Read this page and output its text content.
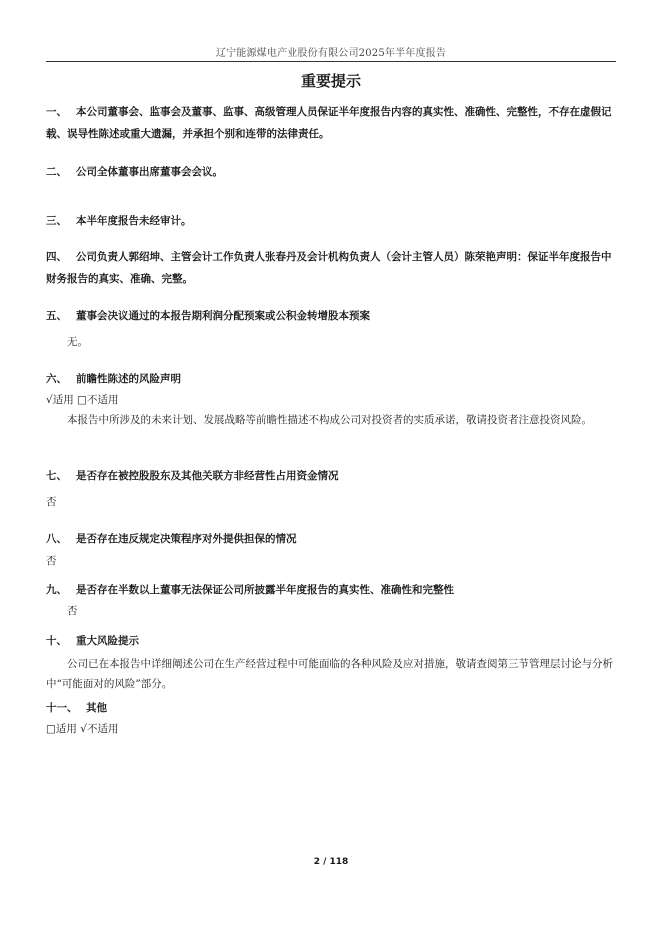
辽宁能源煤电产业股份有限公司2025年半年度报告
重要提示
一、 本公司董事会、监事会及董事、监事、高级管理人员保证半年度报告内容的真实性、准确性、完整性，不存在虚假记载、误导性陈述或重大遗漏，并承担个别和连带的法律责任。
二、 公司全体董事出席董事会会议。
三、 本半年度报告未经审计。
四、 公司负责人郭绍坤、主管会计工作负责人张春丹及会计机构负责人（会计主管人员）陈荣艳声明：保证半年度报告中财务报告的真实、准确、完整。
五、 董事会决议通过的本报告期利润分配预案或公积金转增股本预案
无。
六、 前瞻性陈述的风险声明
√适用 □不适用
本报告中所涉及的未来计划、发展战略等前瞻性描述不构成公司对投资者的实质承诺，敬请投资者注意投资风险。
七、 是否存在被控股股东及其他关联方非经营性占用资金情况
否
八、 是否存在违反规定决策程序对外提供担保的情况
否
九、 是否存在半数以上董事无法保证公司所披露半年度报告的真实性、准确性和完整性
否
十、 重大风险提示
公司已在本报告中详细阐述公司在生产经营过程中可能面临的各种风险及应对措施，敬请查阅第三节管理层讨论与分析中“可能面对的风险”部分。
十一、 其他
□适用 √不适用
2 / 118
